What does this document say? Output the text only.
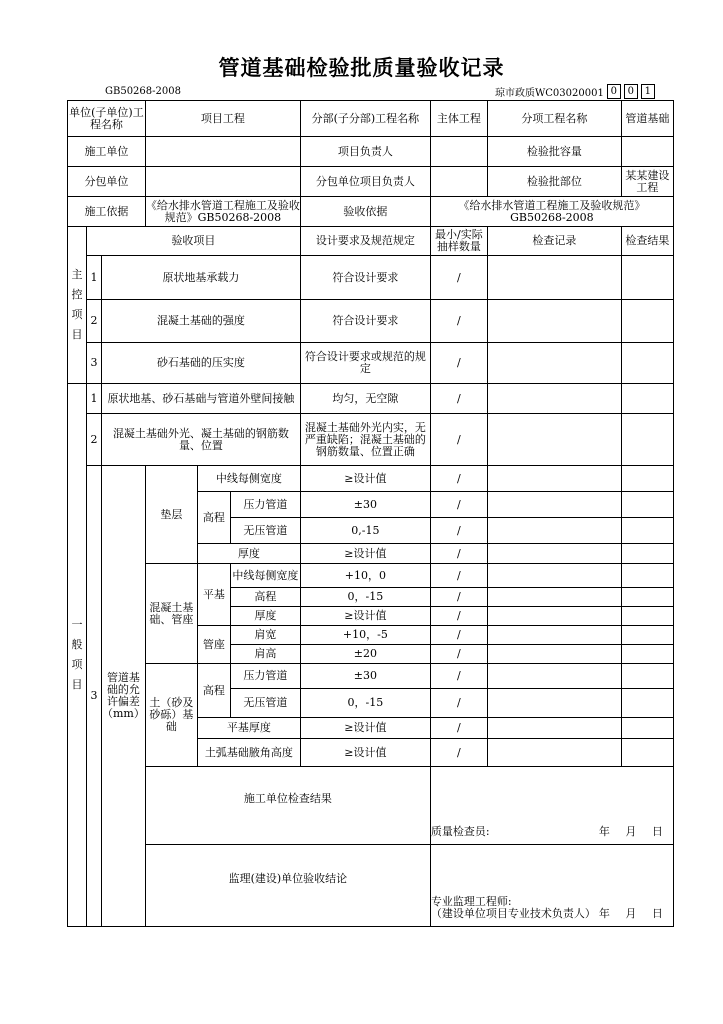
管道基础检验批质量验收记录
GB50268-2008	琼市政质WC03020001 0	0	1
单位(子单位)工程名称			项目工程			分部(子分部)工程名称	主体工程	分项工程名称	管道基础
施工单位						项目负责人		检验批容量	
分包单位						分包单位项目负责人		检验批部位	某某建设工程
施工依据			《给水排水管道工程施工及验收规范》GB50268-2008			验收依据	《给水排水管道工程施工及验收规范》GB50268-2008		
主控项目	验收项目					设计要求及规范规定	最小/实际抽样数量	检查记录	检查结果
	1	原状地基承载力				符合设计要求	/		
	2	混凝土基础的强度				符合设计要求	/		
	3	砂石基础的压实度				符合设计要求或规范的规定	/		
一般项目	1	原状地基、砂石基础与管道外壁间接触				均匀，无空隙	/		
	2	混凝土基础外光、凝土基础的钢筋数量、位置				混凝土基础外光内实，无严重缺陷；混凝土基础的钢筋数量、位置正确	/		
	3	管道基础的允许偏差（mm）	垫层	中线每侧宽度		≥设计值	/		
				高程	压力管道	±30	/		
					无压管道	0,-15	/		
				厚度		≥设计值	/		
			混凝土基础、管座	平基	中线每侧宽度	+10，0	/		
					高程	0，-15	/		
					厚度	≥设计值	/		
				管座	肩宽	+10，-5	/		
					肩高	±20	/		
			土（砂及砂砾）基础	高程	压力管道	±30	/		
					无压管道	0，-15	/		
				平基厚度		≥设计值	/		
				土弧基础腋角高度		≥设计值	/		

			施工单位检查结果				质量检查员: 年 月 日		

			监理(建设)单位验收结论				专业监理工程师:
（建设单位项目专业技术负责人） 年 月 日		
